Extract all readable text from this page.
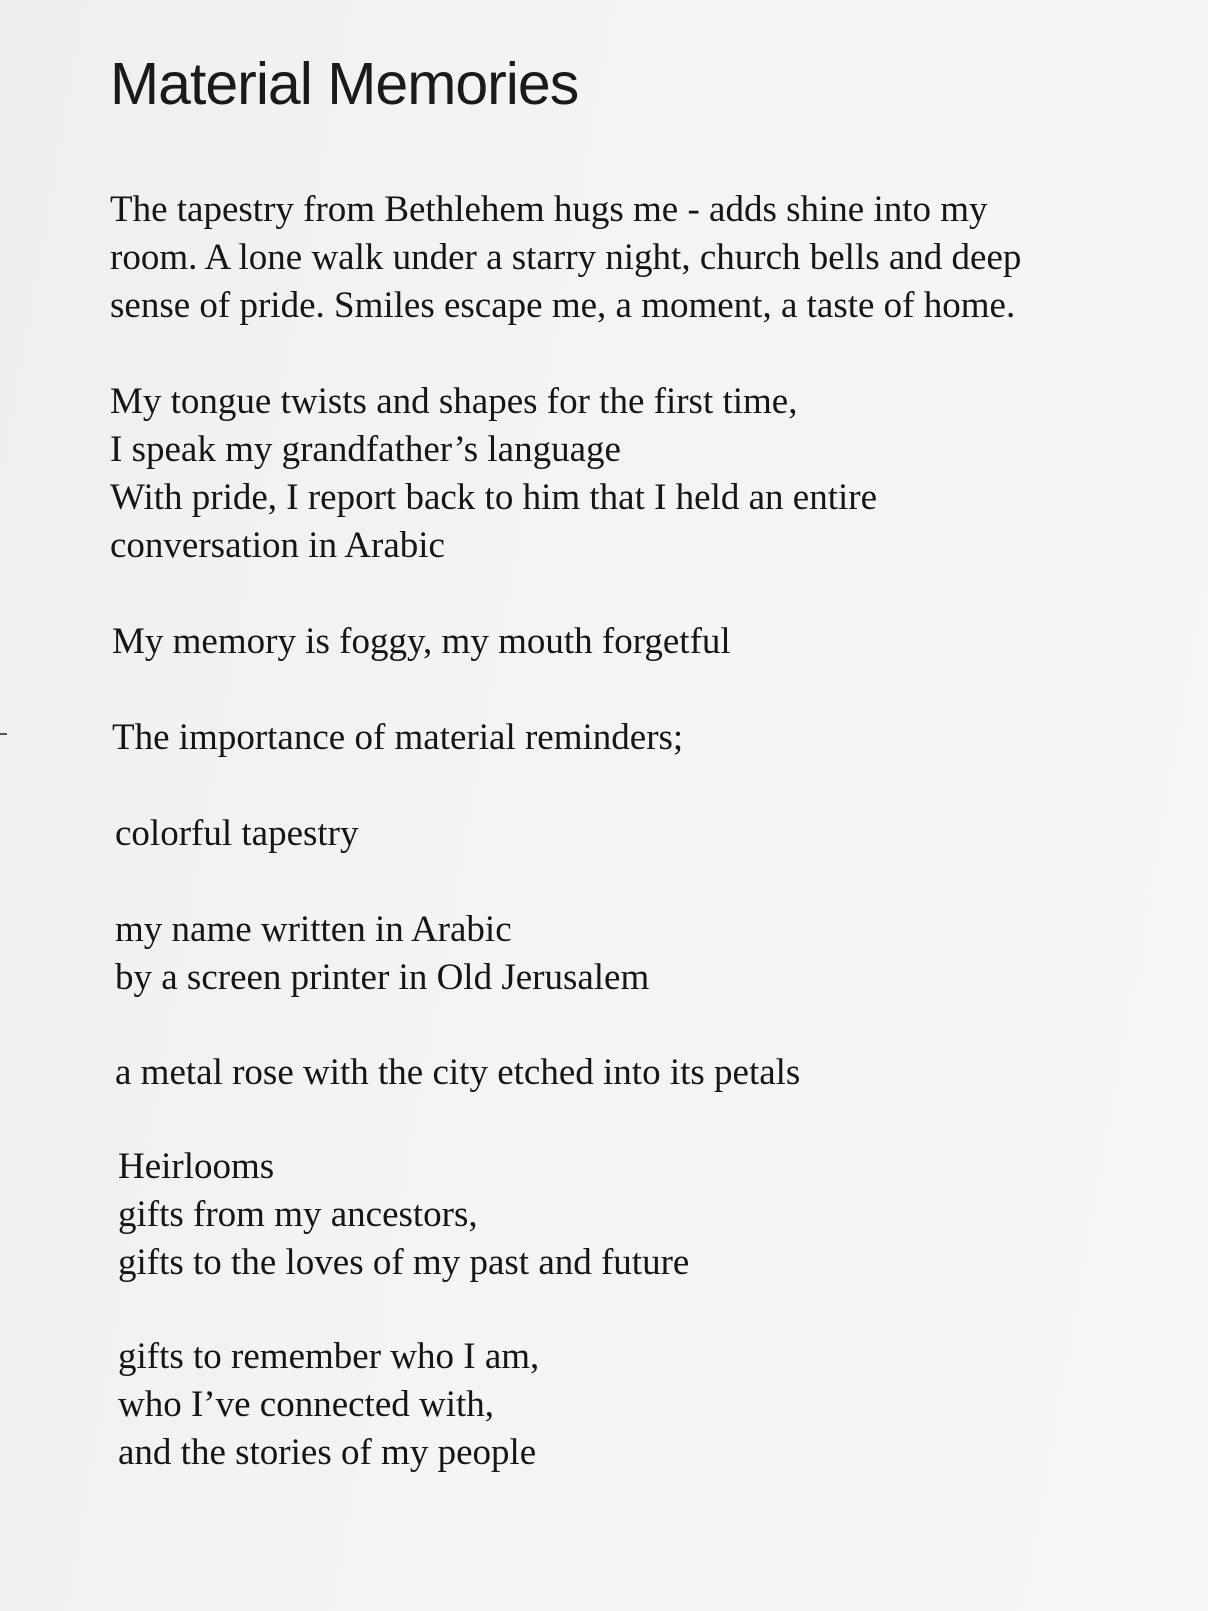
Material Memories

The tapestry from Bethlehem hugs me - adds shine into my room. A lone walk under a starry night, church bells and deep sense of pride. Smiles escape me, a moment, a taste of home.

My tongue twists and shapes for the first time,
I speak my grandfather’s language
With pride, I report back to him that I held an entire
conversation in Arabic
My memory is foggy, my mouth forgetful
The importance of material reminders;
colorful tapestry
my name written in Arabic
by a screen printer in Old Jerusalem
a metal rose with the city etched into its petals
Heirlooms
gifts from my ancestors,
gifts to the loves of my past and future
gifts to remember who I am,
who I’ve connected with,
and the stories of my people
